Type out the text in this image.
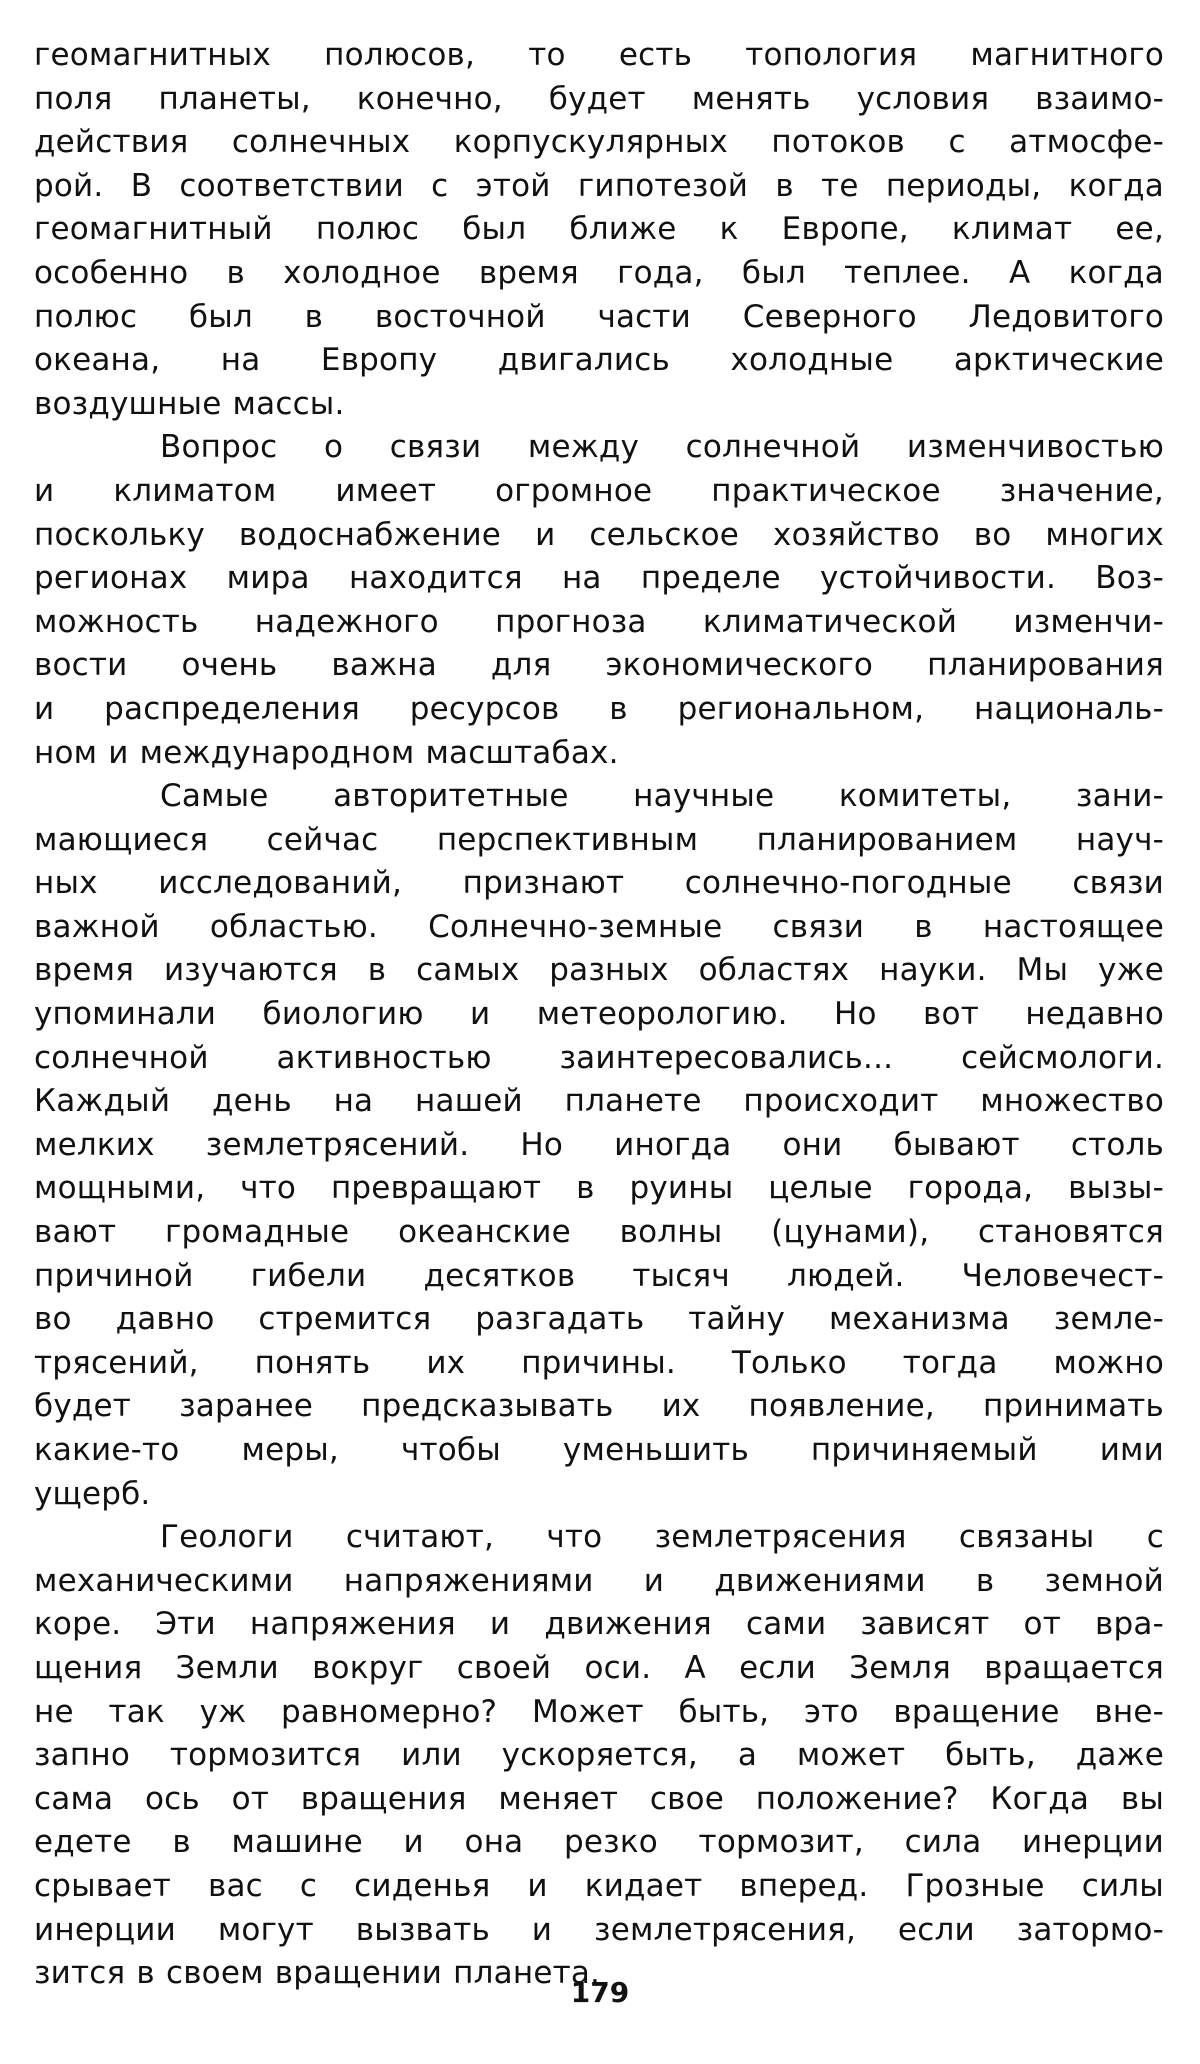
геомагнитных полюсов, то есть топология магнитного
поля планеты, конечно, будет менять условия взаимо-
действия солнечных корпускулярных потоков с атмосфе-
рой. В соответствии с этой гипотезой в те периоды, когда
геомагнитный полюс был ближе к Европе, климат ее,
особенно в холодное время года, был теплее. А когда
полюс был в восточной части Северного Ледовитого
океана, на Европу двигались холодные арктические
воздушные массы.
Вопрос о связи между солнечной изменчивостью
и климатом имеет огромное практическое значение,
поскольку водоснабжение и сельское хозяйство во многих
регионах мира находится на пределе устойчивости. Воз-
можность надежного прогноза климатической изменчи-
вости очень важна для экономического планирования
и распределения ресурсов в региональном, националь-
ном и международном масштабах.
Самые авторитетные научные комитеты, зани-
мающиеся сейчас перспективным планированием науч-
ных исследований, признают солнечно-погодные связи
важной областью. Солнечно-земные связи в настоящее
время изучаются в самых разных областях науки. Мы уже
упоминали биологию и метеорологию. Но вот недавно
солнечной активностью заинтересовались... сейсмологи.
Каждый день на нашей планете происходит множество
мелких землетрясений. Но иногда они бывают столь
мощными, что превращают в руины целые города, вызы-
вают громадные океанские волны (цунами), становятся
причиной гибели десятков тысяч людей. Человечест-
во давно стремится разгадать тайну механизма земле-
трясений, понять их причины. Только тогда можно
будет заранее предсказывать их появление, принимать
какие-то меры, чтобы уменьшить причиняемый ими
ущерб.
Геологи считают, что землетрясения связаны с
механическими напряжениями и движениями в земной
коре. Эти напряжения и движения сами зависят от вра-
щения Земли вокруг своей оси. А если Земля вращается
не так уж равномерно? Может быть, это вращение вне-
запно тормозится или ускоряется, а может быть, даже
сама ось от вращения меняет свое положение? Когда вы
едете в машине и она резко тормозит, сила инерции
срывает вас с сиденья и кидает вперед. Грозные силы
инерции могут вызвать и землетрясения, если затормо-
зится в своем вращении планета.
179
